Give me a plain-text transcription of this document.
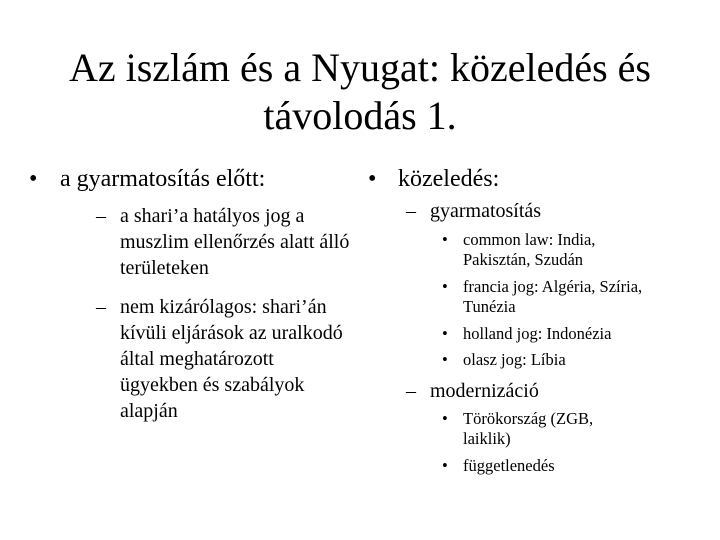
Az iszlám és a Nyugat: közeledés és távolodás 1.
• a gyarmatosítás előtt:
– a shari’a hatályos jog a muszlim ellenőrzés alatt álló területeken
– nem kizárólagos: shari’án kívüli eljárások az uralkodó által meghatározott ügyekben és szabályok alapján
• közeledés:
– gyarmatosítás
• common law: India, Pakisztán, Szudán
• francia jog: Algéria, Szíria, Tunézia
• holland jog: Indonézia
• olasz jog: Líbia
– modernizáció
• Törökország (ZGB, laiklik)
• függetlenedés
